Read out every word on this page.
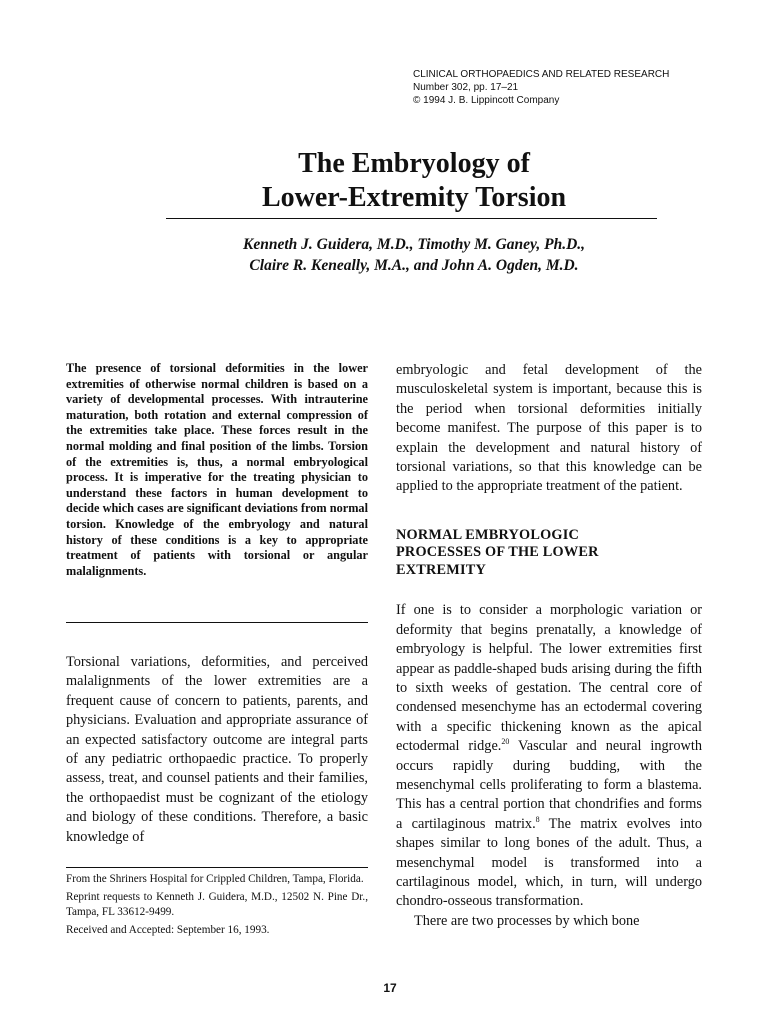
CLINICAL ORTHOPAEDICS AND RELATED RESEARCH
Number 302, pp. 17–21
© 1994 J. B. Lippincott Company
The Embryology of
Lower-Extremity Torsion
Kenneth J. Guidera, M.D., Timothy M. Ganey, Ph.D.,
Claire R. Keneally, M.A., and John A. Ogden, M.D.
The presence of torsional deformities in the lower extremities of otherwise normal children is based on a variety of developmental processes. With intrauterine maturation, both rotation and external compression of the extremities take place. These forces result in the normal molding and final position of the limbs. Torsion of the extremities is, thus, a normal embryological process. It is imperative for the treating physician to understand these factors in human development to decide which cases are significant deviations from normal torsion. Knowledge of the embryology and natural history of these conditions is a key to appropriate treatment of patients with torsional or angular malalignments.
Torsional variations, deformities, and perceived malalignments of the lower extremities are a frequent cause of concern to patients, parents, and physicians. Evaluation and appropriate assurance of an expected satisfactory outcome are integral parts of any pediatric orthopaedic practice. To properly assess, treat, and counsel patients and their families, the orthopaedist must be cognizant of the etiology and biology of these conditions. Therefore, a basic knowledge of

From the Shriners Hospital for Crippled Children, Tampa, Florida.

Reprint requests to Kenneth J. Guidera, M.D., 12502 N. Pine Dr., Tampa, FL 33612-9499.

Received and Accepted: September 16, 1993.

embryologic and fetal development of the musculoskeletal system is important, because this is the period when torsional deformities initially become manifest. The purpose of this paper is to explain the development and natural history of torsional variations, so that this knowledge can be applied to the appropriate treatment of the patient.

NORMAL EMBRYOLOGIC
PROCESSES OF THE LOWER
EXTREMITY

If one is to consider a morphologic variation or deformity that begins prenatally, a knowledge of embryology is helpful. The lower extremities first appear as paddle-shaped buds arising during the fifth to sixth weeks of gestation. The central core of condensed mesenchyme has an ectodermal covering with a specific thickening known as the apical ectodermal ridge.$^{20}$ Vascular and neural ingrowth occurs rapidly during budding, with the mesenchymal cells proliferating to form a blastema. This has a central portion that chondrifies and forms a cartilaginous matrix.$^8$ The matrix evolves into shapes similar to long bones of the adult. Thus, a mesenchymal model is transformed into a cartilaginous model, which, in turn, will undergo chondro-osseous transformation.

There are two processes by which bone

17
